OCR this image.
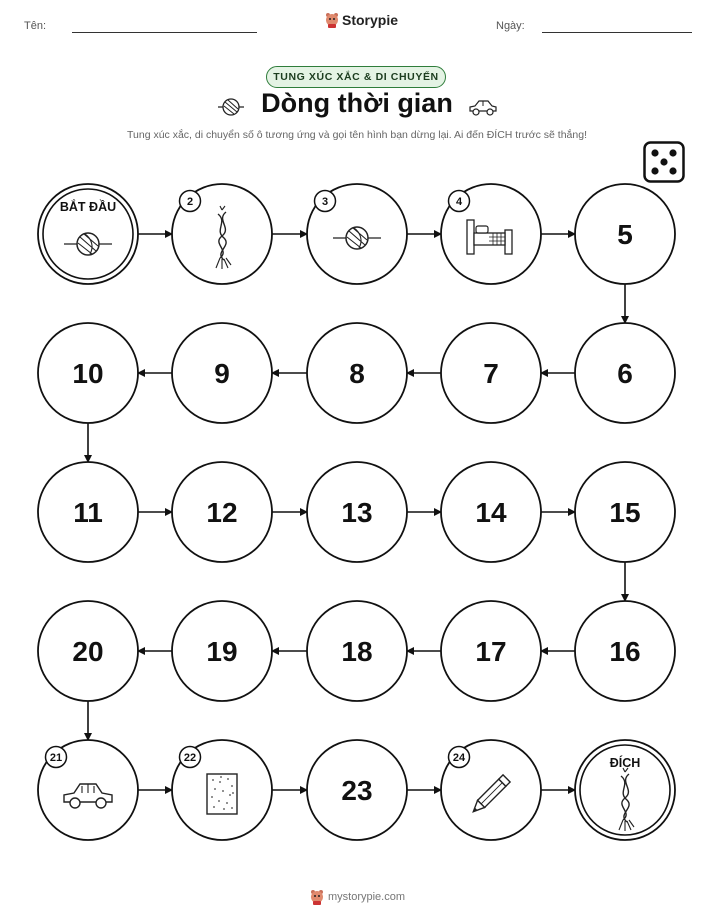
Tên:	Ngày:
Storypie
TUNG XÚC XẮC & DI CHUYỂN
Dòng thời gian
Tung xúc xắc, di chuyển số ô tương ứng và gọi tên hình bạn dừng lại. Ai đến ĐÍCH trước sẽ thắng!
BẮT ĐẦU	2	3	4
5
6
7
8
9
10
11	12	13	14	15
16
17
18
19
20
21	22
23
24	ĐÍCH
mystorypie.com
